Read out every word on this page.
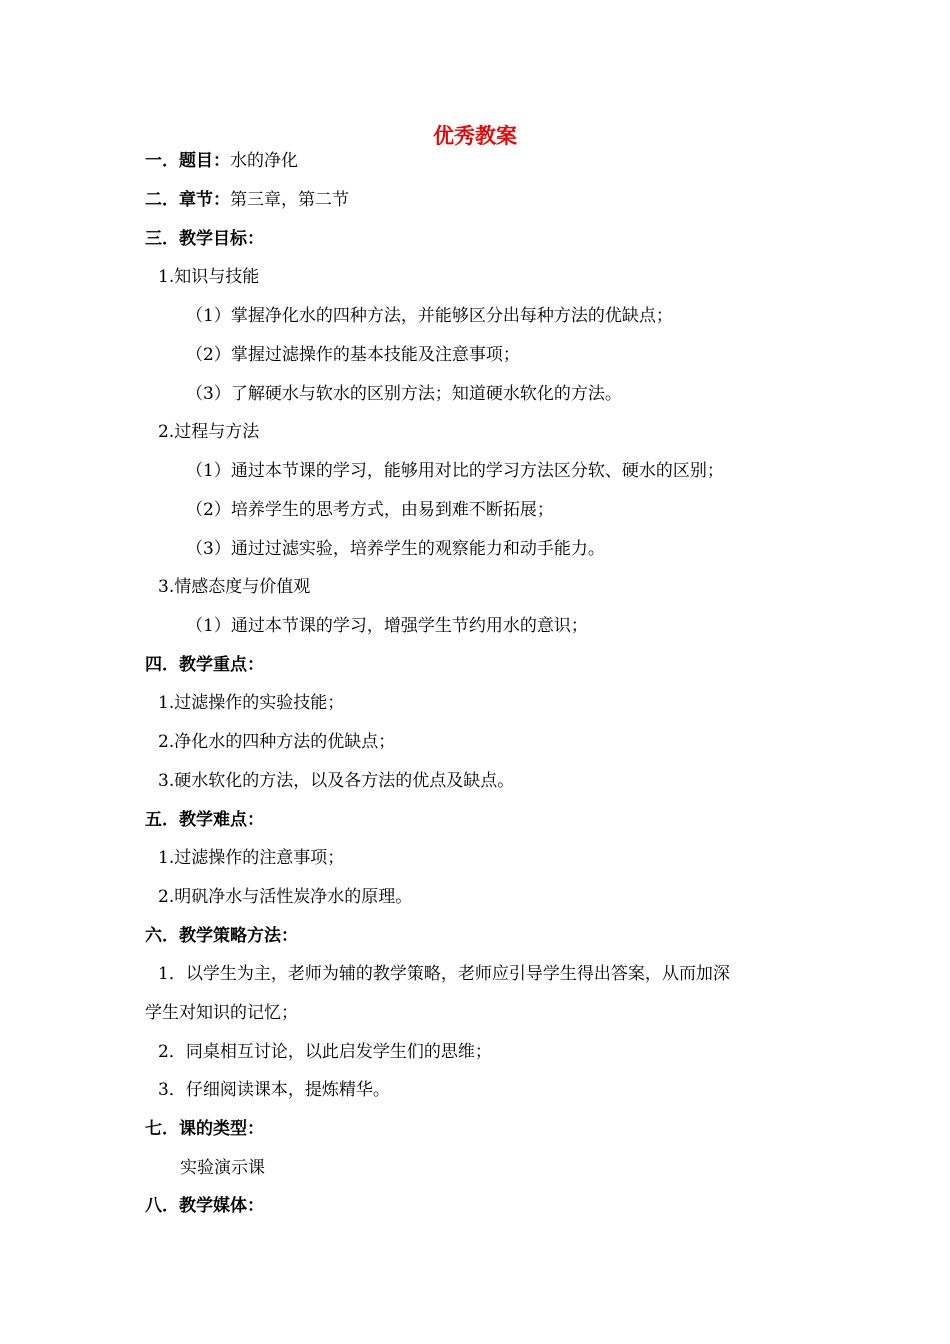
优秀教案
一．题目：水的净化
二．章节：第三章，第二节
三．教学目标：
1.知识与技能
（1）掌握净化水的四种方法，并能够区分出每种方法的优缺点；
（2）掌握过滤操作的基本技能及注意事项；
（3）了解硬水与软水的区别方法；知道硬水软化的方法。
2.过程与方法
（1）通过本节课的学习，能够用对比的学习方法区分软、硬水的区别；
（2）培养学生的思考方式，由易到难不断拓展；
（3）通过过滤实验，培养学生的观察能力和动手能力。
3.情感态度与价值观
（1）通过本节课的学习，增强学生节约用水的意识；
四．教学重点：
1.过滤操作的实验技能；
2.净化水的四种方法的优缺点；
3.硬水软化的方法，以及各方法的优点及缺点。
五．教学难点：
1.过滤操作的注意事项；
2.明矾净水与活性炭净水的原理。
六．教学策略方法：
1．以学生为主，老师为辅的教学策略，老师应引导学生得出答案，从而加深
学生对知识的记忆；
2．同桌相互讨论，以此启发学生们的思维；
3．仔细阅读课本，提炼精华。
七．课的类型：
实验演示课
八．教学媒体：
